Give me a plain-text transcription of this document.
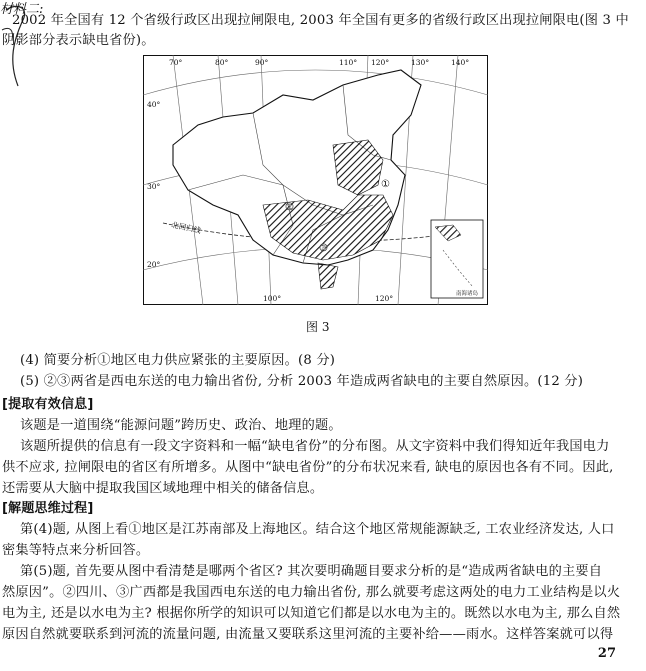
材料二:
2002 年全国有 12 个省级行政区出现拉闸限电, 2003 年全国有更多的省级行政区出现拉闸限电(图 3 中
阴影部分表示缺电省份)。
②
③
①
70°	80°	90°	110° 120°	130°	140°
100°	120°
40°
30°
20°
北回归线
南海诸岛
图 3
(4) 简要分析①地区电力供应紧张的主要原因。(8 分)
(5) ②③两省是西电东送的电力输出省份, 分析 2003 年造成两省缺电的主要自然原因。(12 分)
[提取有效信息]
该题是一道围绕“能源问题”跨历史、政治、地理的题。
该题所提供的信息有一段文字资料和一幅“缺电省份”的分布图。从文字资料中我们得知近年我国电力
供不应求, 拉闸限电的省区有所增多。从图中“缺电省份”的分布状况来看, 缺电的原因也各有不同。因此,
还需要从大脑中提取我国区域地理中相关的储备信息。
[解题思维过程]
第(4)题, 从图上看①地区是江苏南部及上海地区。结合这个地区常规能源缺乏, 工农业经济发达, 人口
密集等特点来分析回答。
第(5)题, 首先要从图中看清楚是哪两个省区? 其次要明确题目要求分析的是“造成两省缺电的主要自
然原因”。②四川、③广西都是我国西电东送的电力输出省份, 那么就要考虑这两处的电力工业结构是以火
电为主, 还是以水电为主? 根据你所学的知识可以知道它们都是以水电为主的。既然以水电为主, 那么自然
原因自然就要联系到河流的流量问题, 由流量又要联系这里河流的主要补给——雨水。这样答案就可以得
27
